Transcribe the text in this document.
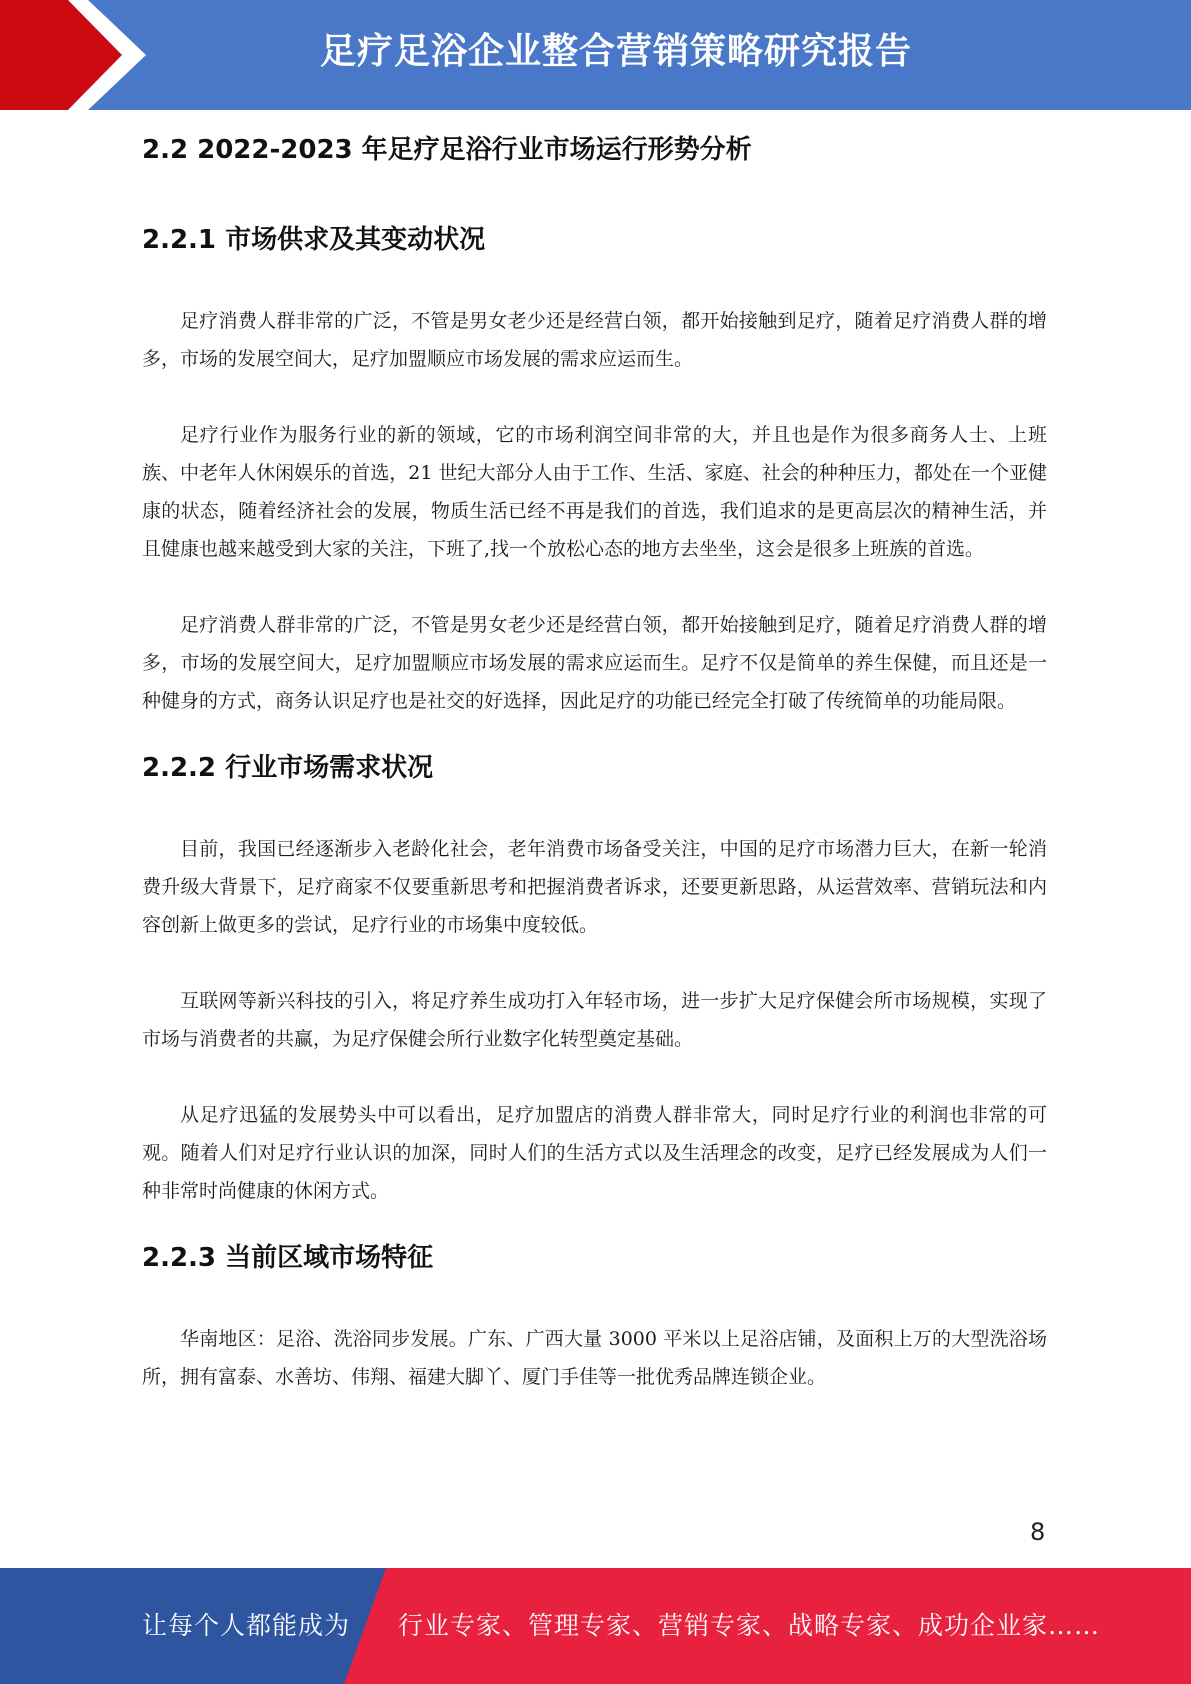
足疗足浴企业整合营销策略研究报告
2.2 2022-2023 年足疗足浴行业市场运行形势分析
2.2.1 市场供求及其变动状况

足疗消费人群非常的广泛，不管是男女老少还是经营白领，都开始接触到足疗，随着足疗消费人群的增多，市场的发展空间大，足疗加盟顺应市场发展的需求应运而生。

足疗行业作为服务行业的新的领域，它的市场利润空间非常的大，并且也是作为很多商务人士、上班族、中老年人休闲娱乐的首选，21 世纪大部分人由于工作、生活、家庭、社会的种种压力，都处在一个亚健康的状态，随着经济社会的发展，物质生活已经不再是我们的首选，我们追求的是更高层次的精神生活，并且健康也越来越受到大家的关注，下班了,找一个放松心态的地方去坐坐，这会是很多上班族的首选。

足疗消费人群非常的广泛，不管是男女老少还是经营白领，都开始接触到足疗，随着足疗消费人群的增多，市场的发展空间大，足疗加盟顺应市场发展的需求应运而生。足疗不仅是简单的养生保健，而且还是一种健身的方式，商务认识足疗也是社交的好选择，因此足疗的功能已经完全打破了传统简单的功能局限。

2.2.2 行业市场需求状况

目前，我国已经逐渐步入老龄化社会，老年消费市场备受关注，中国的足疗市场潜力巨大，在新一轮消费升级大背景下，足疗商家不仅要重新思考和把握消费者诉求，还要更新思路，从运营效率、营销玩法和内容创新上做更多的尝试，足疗行业的市场集中度较低。

互联网等新兴科技的引入，将足疗养生成功打入年轻市场，进一步扩大足疗保健会所市场规模，实现了市场与消费者的共赢，为足疗保健会所行业数字化转型奠定基础。

从足疗迅猛的发展势头中可以看出，足疗加盟店的消费人群非常大，同时足疗行业的利润也非常的可观。随着人们对足疗行业认识的加深，同时人们的生活方式以及生活理念的改变，足疗已经发展成为人们一种非常时尚健康的休闲方式。

2.2.3 当前区域市场特征

华南地区：足浴、洗浴同步发展。广东、广西大量 3000 平米以上足浴店铺，及面积上万的大型洗浴场所，拥有富泰、水善坊、伟翔、福建大脚丫、厦门手佳等一批优秀品牌连锁企业。

8
让每个人都能成为 行业专家、管理专家、营销专家、战略专家、成功企业家……
